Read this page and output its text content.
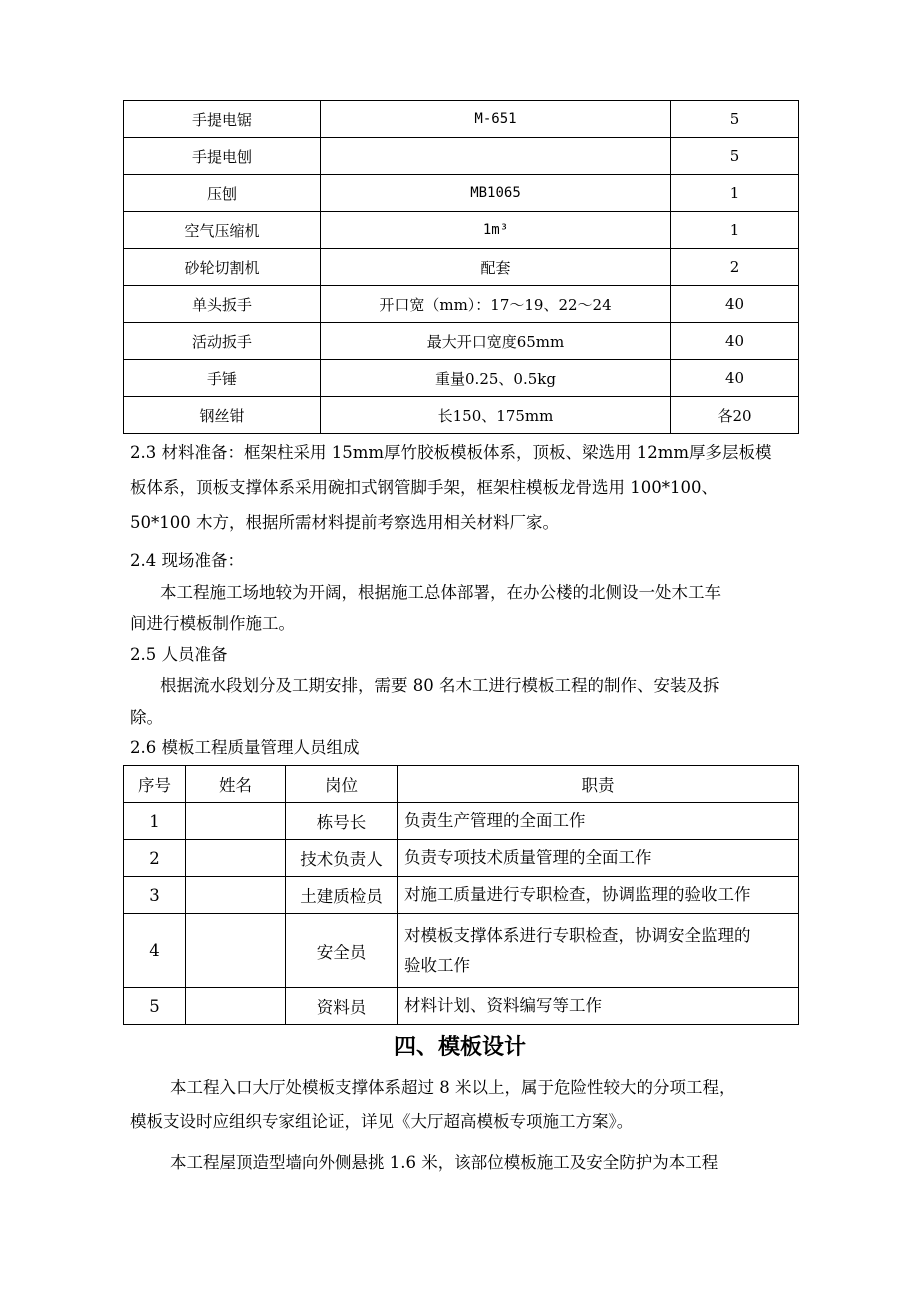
手提电锯	M-651	5
手提电刨		5
压刨	MB1065	1
空气压缩机	1m³	1
砂轮切割机	配套	2
单头扳手	开口宽（mm）：17～19、22～24	40
活动扳手	最大开口宽度65mm	40
手锤	重量0.25、0.5kg	40
钢丝钳	长150、175mm	各20
2.3 材料准备：框架柱采用 15mm厚竹胶板模板体系，顶板、梁选用 12mm厚多层板模
板体系，顶板支撑体系采用碗扣式钢管脚手架，框架柱模板龙骨选用 100*100、
50*100 木方，根据所需材料提前考察选用相关材料厂家。
2.4 现场准备：
本工程施工场地较为开阔，根据施工总体部署，在办公楼的北侧设一处木工车
间进行模板制作施工。
2.5 人员准备
根据流水段划分及工期安排，需要 80 名木工进行模板工程的制作、安装及拆
除。
2.6 模板工程质量管理人员组成
序号	姓名	岗位	职责
1		栋号长	负责生产管理的全面工作
2		技术负责人	负责专项技术质量管理的全面工作
3		土建质检员	对施工质量进行专职检查，协调监理的验收工作
4		安全员	对模板支撑体系进行专职检查，协调安全监理的
验收工作

5		资料员	材料计划、资料编写等工作
四、模板设计
本工程入口大厅处模板支撑体系超过 8 米以上，属于危险性较大的分项工程，
模板支设时应组织专家组论证，详见《大厅超高模板专项施工方案》。
本工程屋顶造型墙向外侧悬挑 1.6 米，该部位模板施工及安全防护为本工程
